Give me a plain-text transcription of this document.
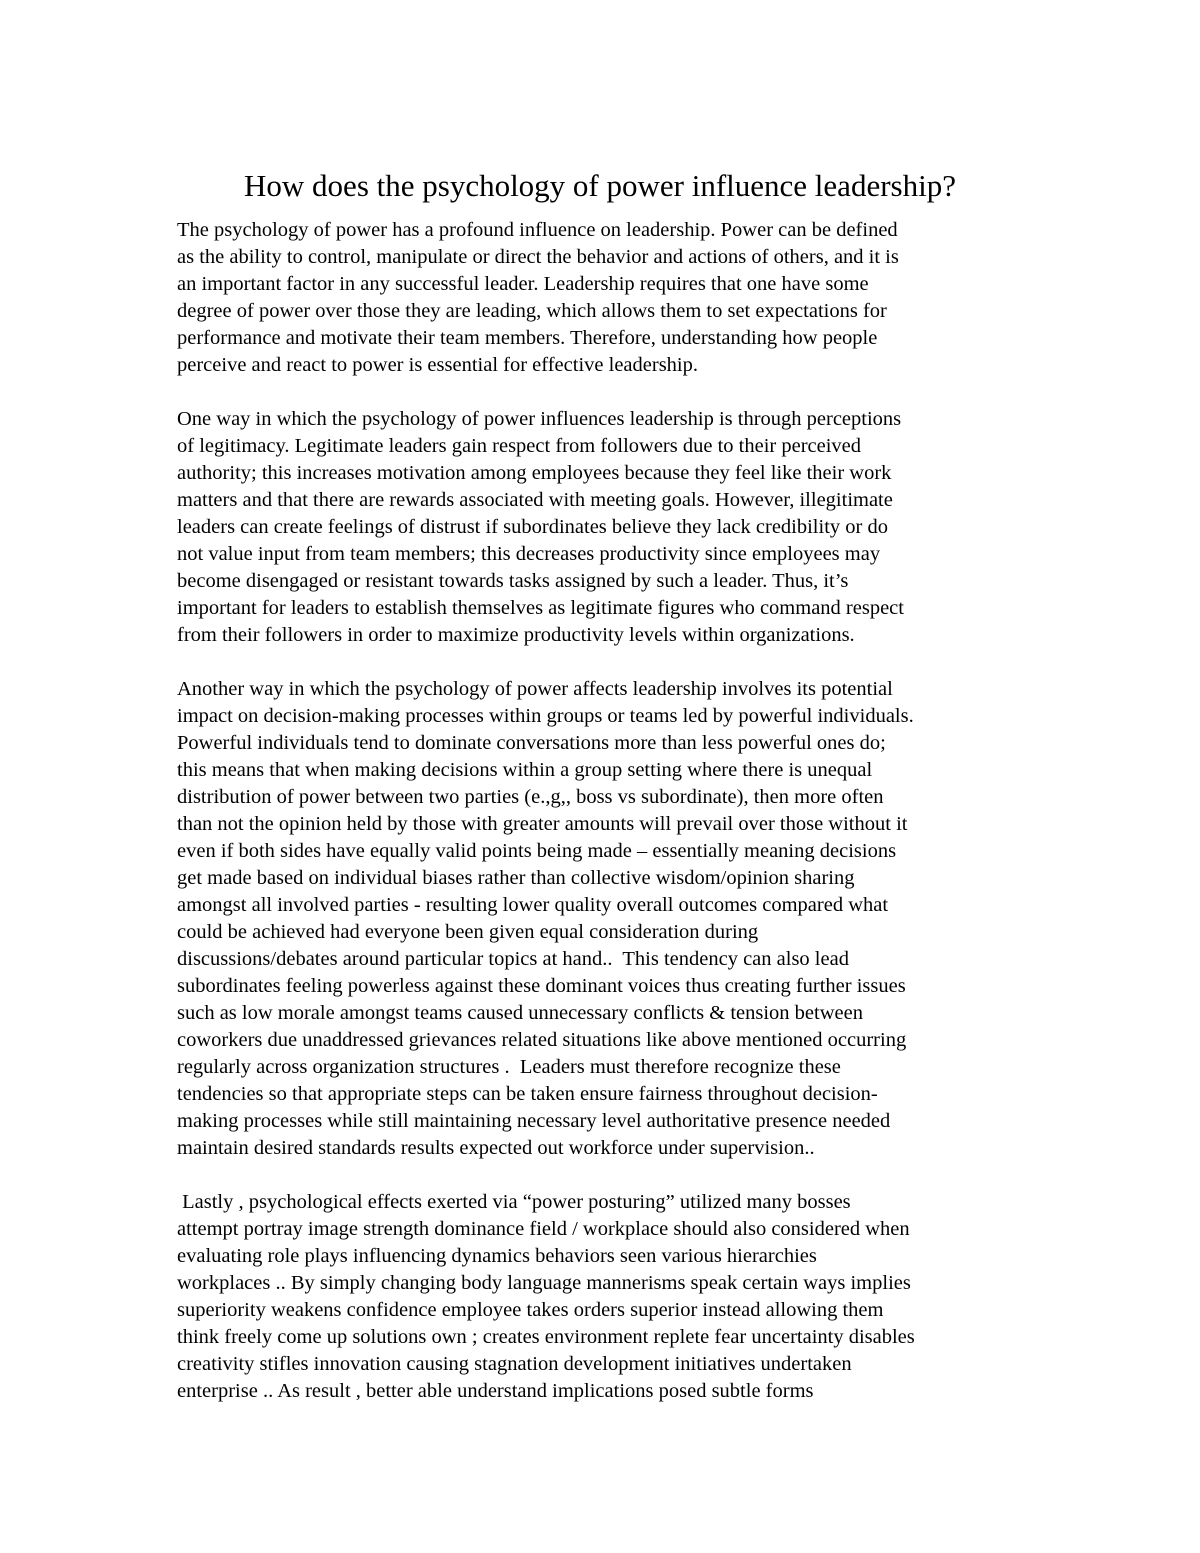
How does the psychology of power influence leadership?

The psychology of power has a profound influence on leadership. Power can be defined
as the ability to control, manipulate or direct the behavior and actions of others, and it is
an important factor in any successful leader. Leadership requires that one have some
degree of power over those they are leading, which allows them to set expectations for
performance and motivate their team members. Therefore, understanding how people
perceive and react to power is essential for effective leadership.

One way in which the psychology of power influences leadership is through perceptions
of legitimacy. Legitimate leaders gain respect from followers due to their perceived
authority; this increases motivation among employees because they feel like their work
matters and that there are rewards associated with meeting goals. However, illegitimate
leaders can create feelings of distrust if subordinates believe they lack credibility or do
not value input from team members; this decreases productivity since employees may
become disengaged or resistant towards tasks assigned by such a leader. Thus, it’s
important for leaders to establish themselves as legitimate figures who command respect
from their followers in order to maximize productivity levels within organizations.

Another way in which the psychology of power affects leadership involves its potential
impact on decision-making processes within groups or teams led by powerful individuals.
Powerful individuals tend to dominate conversations more than less powerful ones do;
this means that when making decisions within a group setting where there is unequal
distribution of power between two parties (e.,g,, boss vs subordinate), then more often
than not the opinion held by those with greater amounts will prevail over those without it
even if both sides have equally valid points being made – essentially meaning decisions
get made based on individual biases rather than collective wisdom/opinion sharing
amongst all involved parties - resulting lower quality overall outcomes compared what
could be achieved had everyone been given equal consideration during
discussions/debates around particular topics at hand..  This tendency can also lead
subordinates feeling powerless against these dominant voices thus creating further issues
such as low morale amongst teams caused unnecessary conflicts & tension between
coworkers due unaddressed grievances related situations like above mentioned occurring
regularly across organization structures .  Leaders must therefore recognize these
tendencies so that appropriate steps can be taken ensure fairness throughout decision-
making processes while still maintaining necessary level authoritative presence needed
maintain desired standards results expected out workforce under supervision..

Lastly , psychological effects exerted via “power posturing” utilized many bosses
attempt portray image strength dominance field / workplace should also considered when
evaluating role plays influencing dynamics behaviors seen various hierarchies
workplaces .. By simply changing body language mannerisms speak certain ways implies
superiority weakens confidence employee takes orders superior instead allowing them
think freely come up solutions own ; creates environment replete fear uncertainty disables
creativity stifles innovation causing stagnation development initiatives undertaken
enterprise .. As result , better able understand implications posed subtle forms
